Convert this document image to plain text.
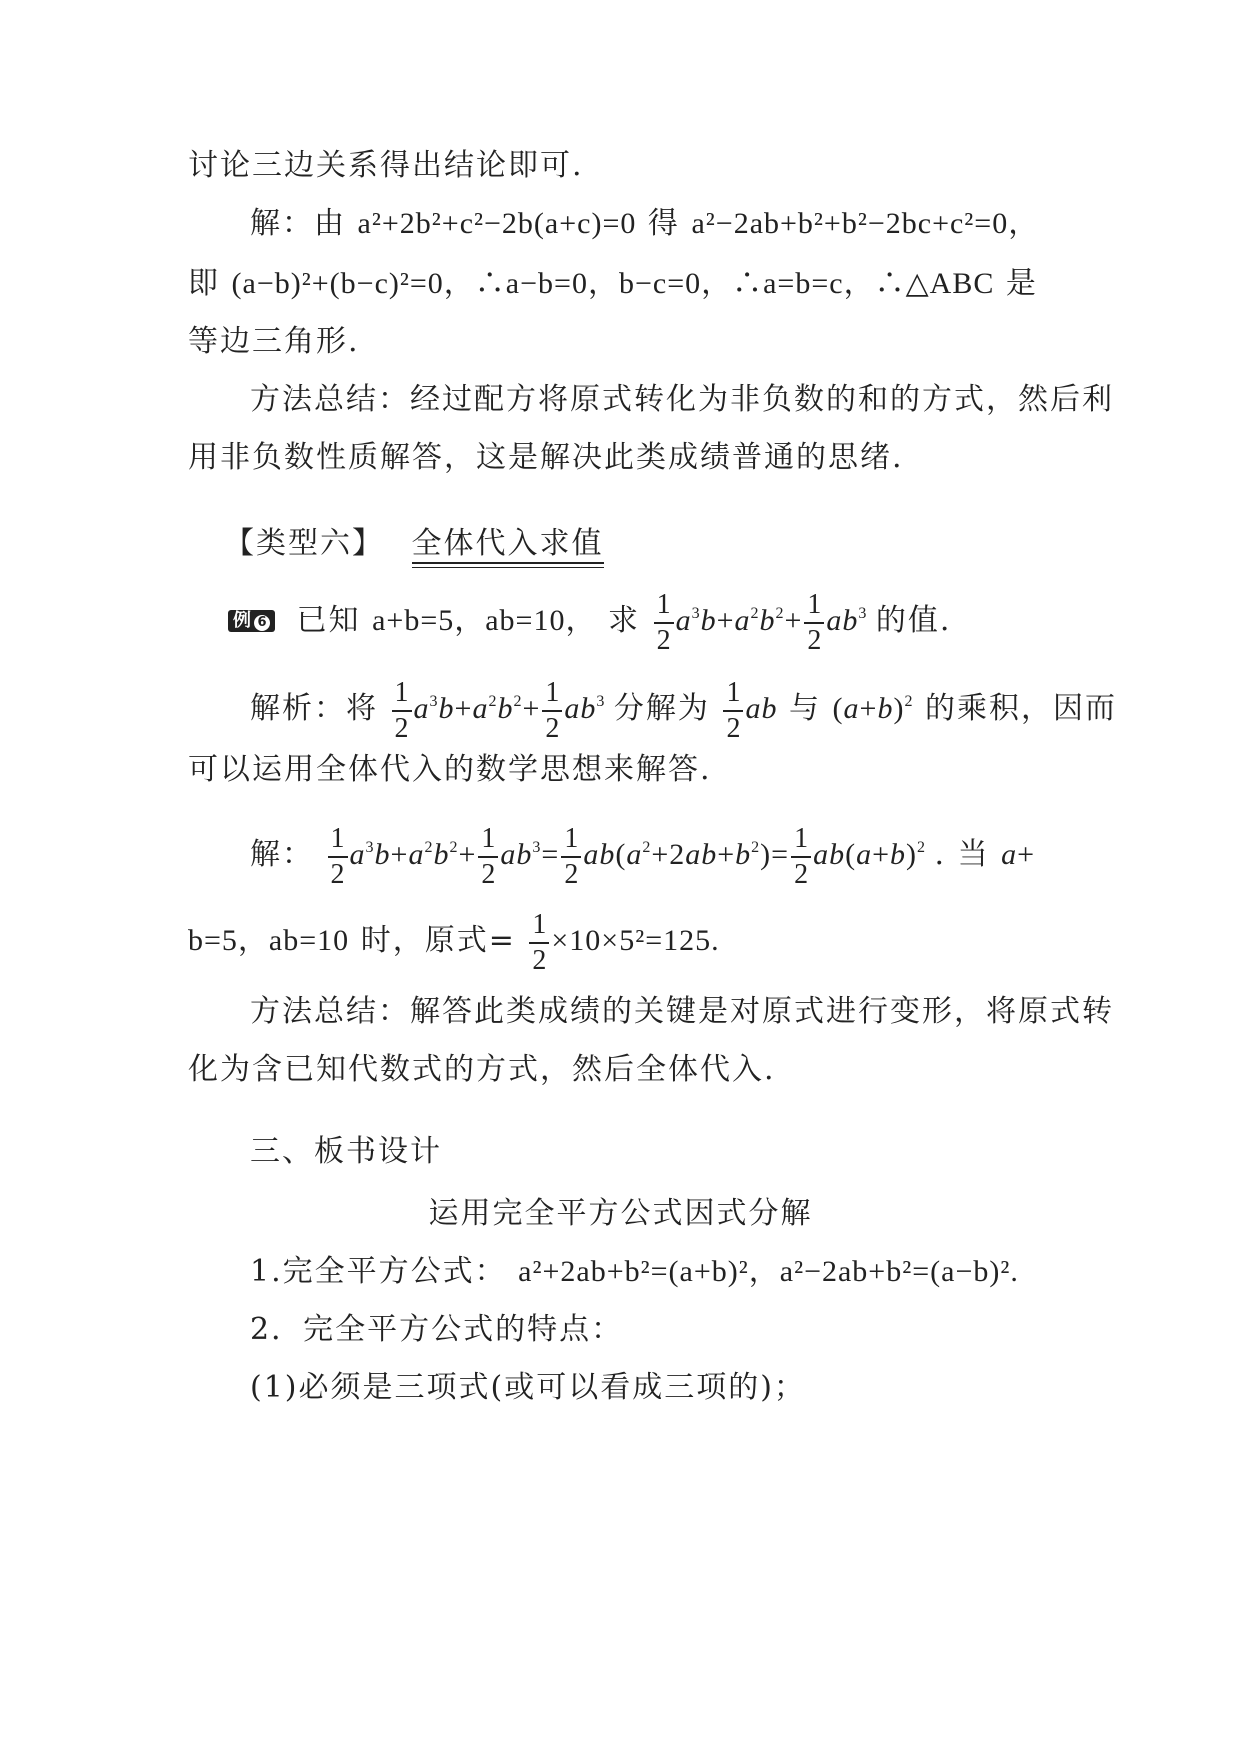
讨论三边关系得出结论即可.
解：由 a²+2b²+c²−2b(a+c)=0 得 a²−2ab+b²+b²−2bc+c²=0，
即 (a−b)²+(b−c)²=0，∴a−b=0，b−c=0，∴a=b=c，∴△ABC 是
等边三角形.
方法总结：经过配方将原式转化为非负数的和的方式，然后利
用非负数性质解答，这是解决此类成绩普通的思绪.
【类型六】 全体代入求值
例 6 已知 a+b=5，ab=10， 求 $\frac{1}{2} a^3b+a^2b^2+ \frac{1}{2} ab^3$ 的值.
解析：将 $\frac{1}{2} a^3b+a^2b^2+ \frac{1}{2} ab^3$ 分解为 $\frac{1}{2}$ ab 与 $(a+b)^2$ 的乘积，因而
可以运用全体代入的数学思想来解答.
解： $\frac{1}{2} a^3b+a^2b^2+ \frac{1}{2} ab^3= \frac{1}{2} ab(a^2+2ab+b^2)= \frac{1}{2} ab(a+b)^2$ . 当 a+
b=5，ab=10 时，原式= $\frac{1}{2} \times 10\times 5^2=125$.
方法总结：解答此类成绩的关键是对原式进行变形，将原式转
化为含已知代数式的方式，然后全体代入.
三、板书设计
运用完全平方公式因式分解
1.完全平方公式： a²+2ab+b²=(a+b)²，a²−2ab+b²=(a−b)².
2．完全平方公式的特点：
(1)必须是三项式(或可以看成三项的)；
